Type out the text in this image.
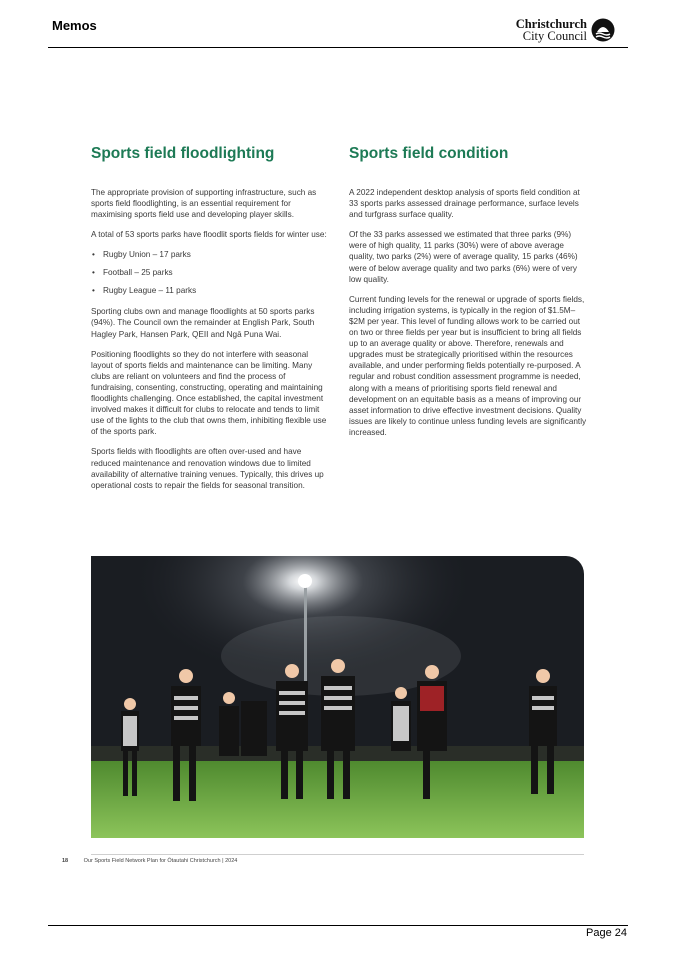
Memos	Christchurch
City Council
Sports field floodlighting

The appropriate provision of supporting infrastructure, such as sports field floodlighting, is an essential requirement for maximising sports field use and developing player skills.

A total of 53 sports parks have floodlit sports fields for winter use:

• Rugby Union – 17 parks
• Football – 25 parks
• Rugby League – 11 parks

Sporting clubs own and manage floodlights at 50 sports parks (94%). The Council own the remainder at English Park, South Hagley Park, Hansen Park, QEII and Ngā Puna Wai.

Positioning floodlights so they do not interfere with seasonal layout of sports fields and maintenance can be limiting. Many clubs are reliant on volunteers and find the process of fundraising, consenting, constructing, operating and maintaining floodlights challenging. Once established, the capital investment involved makes it difficult for clubs to relocate and tends to limit use of the lights to the club that owns them, inhibiting flexible use of the sports park.

Sports fields with floodlights are often over-used and have reduced maintenance and renovation windows due to limited availability of alternative training venues. Typically, this drives up operational costs to repair the fields for seasonal transition.

Sports field condition

A 2022 independent desktop analysis of sports field condition at 33 sports parks assessed drainage performance, surface levels and turfgrass surface quality.

Of the 33 parks assessed we estimated that three parks (9%) were of high quality, 11 parks (30%) were of above average quality, two parks (2%) were of average quality, 15 parks (46%) were of below average quality and two parks (6%) were of very low quality.

Current funding levels for the renewal or upgrade of sports fields, including irrigation systems, is typically in the region of $1.5M–$2M per year. This level of funding allows work to be carried out on two or three fields per year but is insufficient to bring all fields up to an average quality or above. Therefore, renewals and upgrades must be strategically prioritised within the resources available, and under performing fields potentially re-purposed. A regular and robust condition assessment programme is needed, along with a means of prioritising sports field renewal and development on an equitable basis as a means of improving our asset information to drive effective investment decisions. Quality issues are likely to continue unless funding levels are significantly increased.

18	Our Sports Field Network Plan for Ōtautahi Christchurch | 2024
Page 24
